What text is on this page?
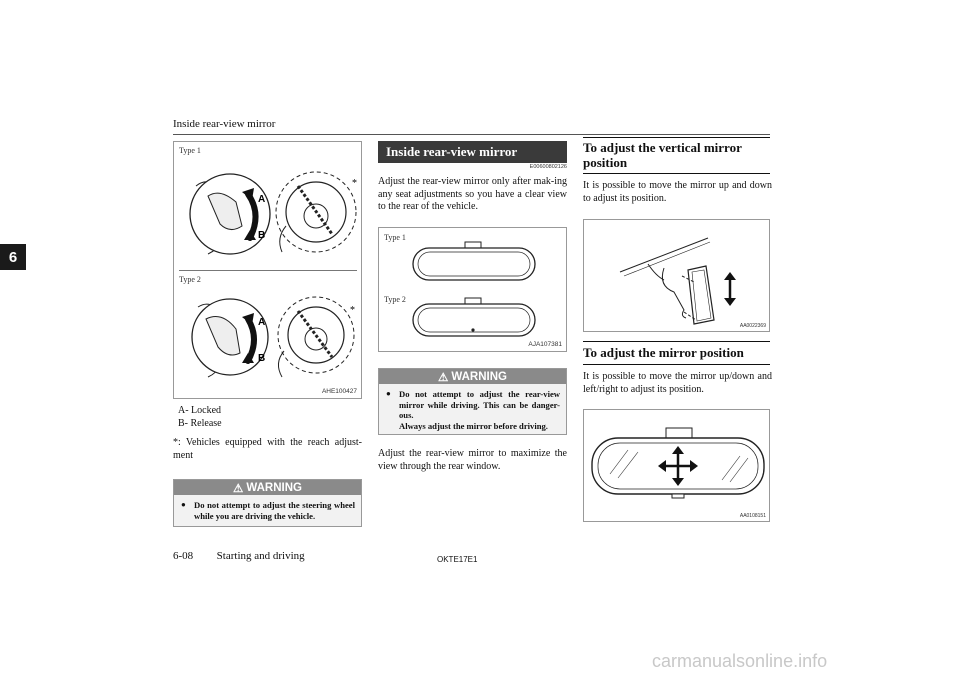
Inside rear-view mirror
6
Type 1
Type 2
AHE100427
A
B
*
A
B
*
A- Locked
B- Release
*: Vehicles equipped with the reach adjust-ment
⚠ WARNING
● Do not attempt to adjust the steering wheel while you are driving the vehicle.
Inside rear-view mirror
E00600802126
Adjust the rear-view mirror only after mak-ing any seat adjustments so you have a clear view to the rear of the vehicle.
Type 1
Type 2
AJA107381
⚠ WARNING
● Do not attempt to adjust the rear-view mirror while driving. This can be danger-ous.
Always adjust the mirror before driving.
Adjust the rear-view mirror to maximize the view through the rear window.
To adjust the vertical mirror position
It is possible to move the mirror up and down to adjust its position.
AA0022369
To adjust the mirror position
It is possible to move the mirror up/down and left/right to adjust its position.
AA0108151
6-08 Starting and driving	OKTE17E1
carmanualsonline.info
